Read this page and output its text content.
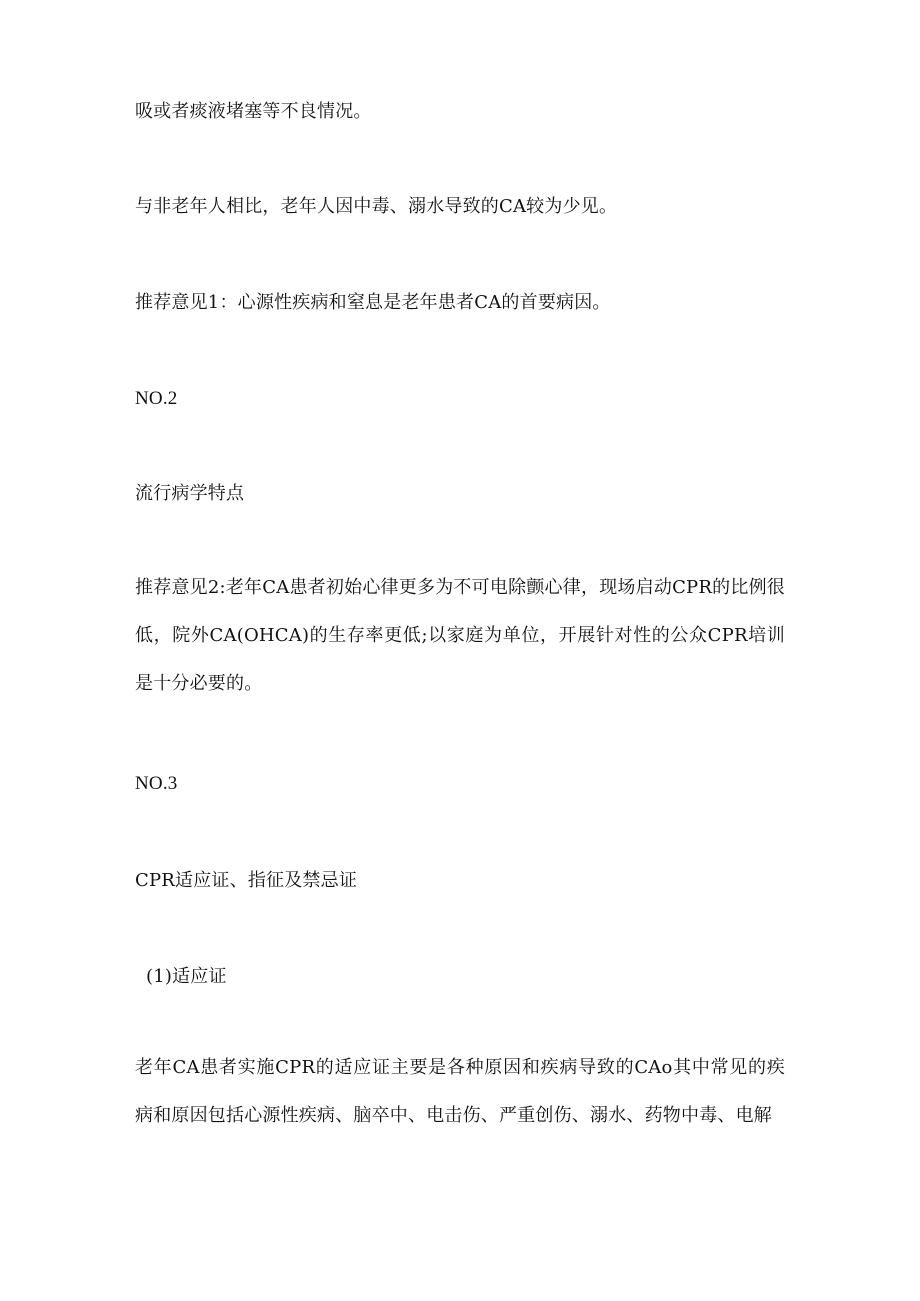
吸或者痰液堵塞等不良情况。
与非老年人相比，老年人因中毒、溺水导致的CA较为少见。
推荐意见1：心源性疾病和窒息是老年患者CA的首要病因。
NO.2
流行病学特点
推荐意见2:老年CA患者初始心律更多为不可电除颤心律，现场启动CPR的比例很低，院外CA(OHCA)的生存率更低;以家庭为单位，开展针对性的公众CPR培训是十分必要的。
NO.3
CPR适应证、指征及禁忌证
(1)适应证
老年CA患者实施CPR的适应证主要是各种原因和疾病导致的CAo其中常见的疾病和原因包括心源性疾病、脑卒中、电击伤、严重创伤、溺水、药物中毒、电解
